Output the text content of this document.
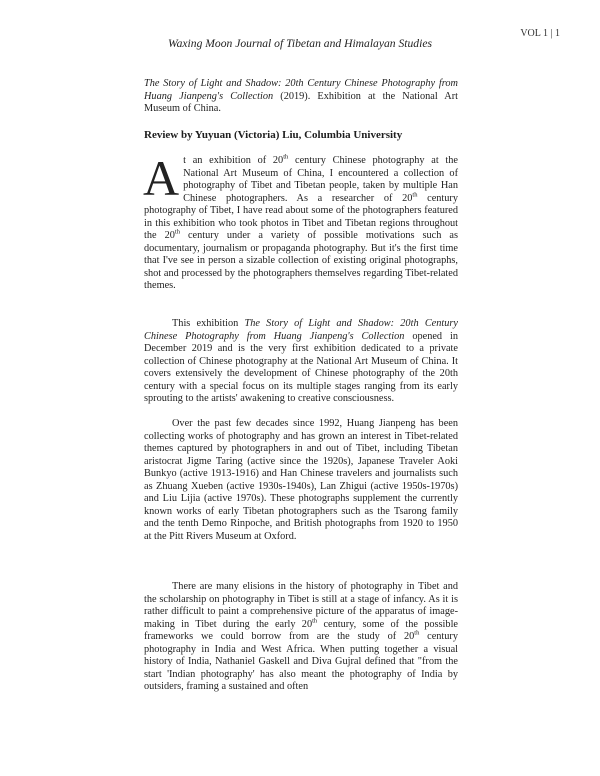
VOL 1 | 1
Waxing Moon Journal of Tibetan and Himalayan Studies
The Story of Light and Shadow: 20th Century Chinese Photography from Huang Jianpeng's Collection (2019). Exhibition at the National Art Museum of China.
Review by Yuyuan (Victoria) Liu, Columbia University
At an exhibition of 20th century Chinese photography at the National Art Museum of China, I encountered a collection of photography of Tibet and Tibetan people, taken by multiple Han Chinese photographers. As a researcher of 20th century photography of Tibet, I have read about some of the photographers featured in this exhibition who took photos in Tibet and Tibetan regions throughout the 20th century under a variety of possible motivations such as documentary, journalism or propaganda photography. But it's the first time that I've see in person a sizable collection of existing original photographs, shot and processed by the photographers themselves regarding Tibet-related themes.
This exhibition The Story of Light and Shadow: 20th Century Chinese Photography from Huang Jianpeng's Collection opened in December 2019 and is the very first exhibition dedicated to a private collection of Chinese photography at the National Art Museum of China. It covers extensively the development of Chinese photography of the 20th century with a special focus on its multiple stages ranging from its early sprouting to the artists' awakening to creative consciousness.
Over the past few decades since 1992, Huang Jianpeng has been collecting works of photography and has grown an interest in Tibet-related themes captured by photographers in and out of Tibet, including Tibetan aristocrat Jigme Taring (active since the 1920s), Japanese Traveler Aoki Bunkyo (active 1913-1916) and Han Chinese travelers and journalists such as Zhuang Xueben (active 1930s-1940s), Lan Zhigui (active 1950s-1970s) and Liu Lijia (active 1970s). These photographs supplement the currently known works of early Tibetan photographers such as the Tsarong family and the tenth Demo Rinpoche, and British photographs from 1920 to 1950 at the Pitt Rivers Museum at Oxford.
There are many elisions in the history of photography in Tibet and the scholarship on photography in Tibet is still at a stage of infancy. As it is rather difficult to paint a comprehensive picture of the apparatus of image-making in Tibet during the early 20th century, some of the possible frameworks we could borrow from are the study of 20th century photography in India and West Africa. When putting together a visual history of India, Nathaniel Gaskell and Diva Gujral defined that "from the start 'Indian photography' has also meant the photography of India by outsiders, framing a sustained and often
